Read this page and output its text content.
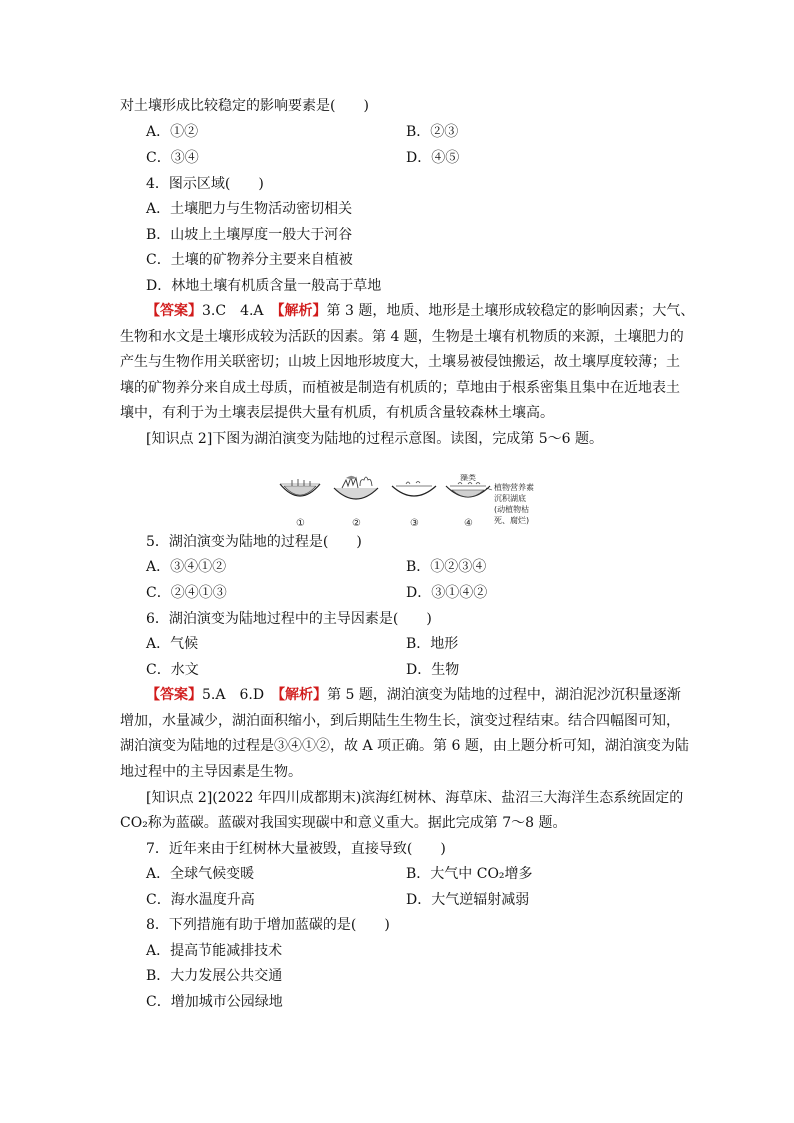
对土壤形成比较稳定的影响要素是(　　)
A．①②	B．②③
C．③④	D．④⑤
4．图示区域(　　)
A．土壤肥力与生物活动密切相关
B．山坡上土壤厚度一般大于河谷
C．土壤的矿物养分主要来自植被
D．林地土壤有机质含量一般高于草地
【答案】3.C　4.A　【解析】第 3 题，地质、地形是土壤形成较稳定的影响因素；大气、
生物和水文是土壤形成较为活跃的因素。第 4 题，生物是土壤有机物质的来源，土壤肥力的
产生与生物作用关联密切；山坡上因地形坡度大，土壤易被侵蚀搬运，故土壤厚度较薄；土
壤的矿物养分来自成土母质，而植被是制造有机质的；草地由于根系密集且集中在近地表土
壤中，有利于为土壤表层提供大量有机质，有机质含量较森林土壤高。
[知识点 2]下图为湖泊演变为陆地的过程示意图。读图，完成第 5～6 题。
藻类
植物营养素
沉积湖底
(动植物枯
死、腐烂)
①	②	③	④
5．湖泊演变为陆地的过程是(　　)
A．③④①②	B．①②③④
C．②④①③	D．③①④②
6．湖泊演变为陆地过程中的主导因素是(　　)
A．气候	B．地形
C．水文	D．生物
【答案】5.A　6.D　【解析】第 5 题，湖泊演变为陆地的过程中，湖泊泥沙沉积量逐渐
增加，水量减少，湖泊面积缩小，到后期陆生生物生长，演变过程结束。结合四幅图可知，
湖泊演变为陆地的过程是③④①②，故 A 项正确。第 6 题，由上题分析可知，湖泊演变为陆
地过程中的主导因素是生物。
[知识点 2](2022 年四川成都期末)滨海红树林、海草床、盐沼三大海洋生态系统固定的
CO₂称为蓝碳。蓝碳对我国实现碳中和意义重大。据此完成第 7～8 题。
7．近年来由于红树林大量被毁，直接导致(　　)
A．全球气候变暖	B．大气中 CO₂增多
C．海水温度升高	D．大气逆辐射减弱
8．下列措施有助于增加蓝碳的是(　　)
A．提高节能减排技术
B．大力发展公共交通
C．增加城市公园绿地
